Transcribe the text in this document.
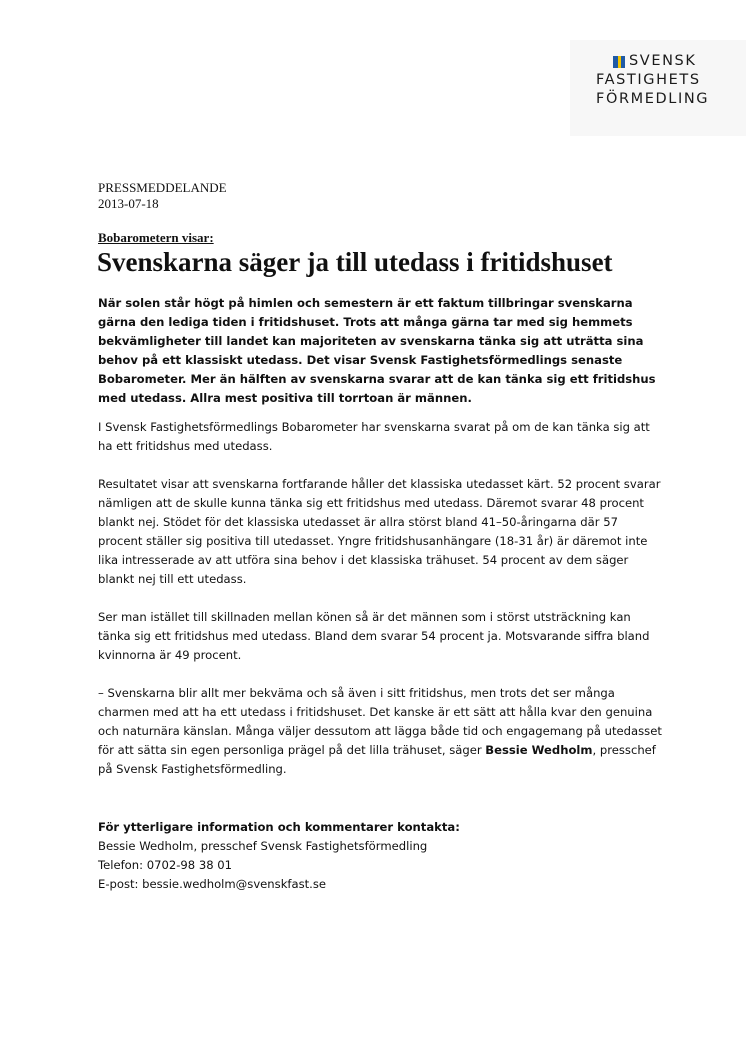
SVENSK
FASTIGHETS
FÖRMEDLING
PRESSMEDDELANDE
2013-07-18
Bobarometern visar:
Svenskarna säger ja till utedass i fritidshuset

När solen står högt på himlen och semestern är ett faktum tillbringar svenskarna gärna den lediga tiden i fritidshuset. Trots att många gärna tar med sig hemmets bekvämligheter till landet kan majoriteten av svenskarna tänka sig att uträtta sina behov på ett klassiskt utedass. Det visar Svensk Fastighetsförmedlings senaste Bobarometer. Mer än hälften av svenskarna svarar att de kan tänka sig ett fritidshus med utedass. Allra mest positiva till torrtoan är männen.

I Svensk Fastighetsförmedlings Bobarometer har svenskarna svarat på om de kan tänka sig att ha ett fritidshus med utedass.

Resultatet visar att svenskarna fortfarande håller det klassiska utedasset kärt. 52 procent svarar nämligen att de skulle kunna tänka sig ett fritidshus med utedass. Däremot svarar 48 procent blankt nej. Stödet för det klassiska utedasset är allra störst bland 41–50-åringarna där 57 procent ställer sig positiva till utedasset. Yngre fritidshusanhängare (18-31 år) är däremot inte lika intresserade av att utföra sina behov i det klassiska trähuset. 54 procent av dem säger blankt nej till ett utedass.

Ser man istället till skillnaden mellan könen så är det männen som i störst utsträckning kan tänka sig ett fritidshus med utedass. Bland dem svarar 54 procent ja. Motsvarande siffra bland kvinnorna är 49 procent.

– Svenskarna blir allt mer bekväma och så även i sitt fritidshus, men trots det ser många charmen med att ha ett utedass i fritidshuset. Det kanske är ett sätt att hålla kvar den genuina och naturnära känslan. Många väljer dessutom att lägga både tid och engagemang på utedasset för att sätta sin egen personliga prägel på det lilla trähuset, säger Bessie Wedholm, presschef på Svensk Fastighetsförmedling.

För ytterligare information och kommentarer kontakta:
Bessie Wedholm, presschef Svensk Fastighetsförmedling
Telefon: 0702-98 38 01
E-post: bessie.wedholm@svenskfast.se
